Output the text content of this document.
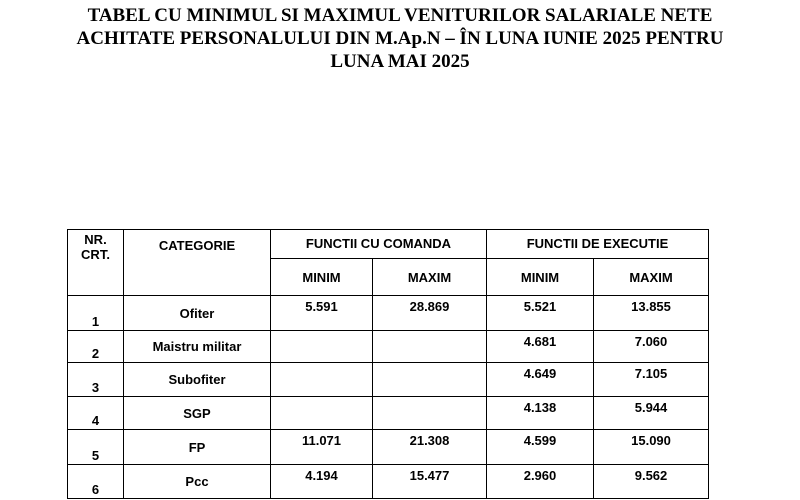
TABEL CU MINIMUL SI MAXIMUL VENITURILOR SALARIALE NETE
ACHITATE PERSONALULUI DIN M.Ap.N – ÎN LUNA IUNIE 2025 PENTRU
LUNA MAI 2025
NR.
CRT.	CATEGORIE	FUNCTII CU COMANDA		FUNCTII DE EXECUTIE	
		MINIM	MAXIM	MINIM	MAXIM
1	Ofiter	5.591	28.869	5.521	13.855
2	Maistru militar			4.681	7.060
3	Subofiter			4.649	7.105
4	SGP			4.138	5.944
5	FP	11.071	21.308	4.599	15.090
6	Pcc	4.194	15.477	2.960	9.562
